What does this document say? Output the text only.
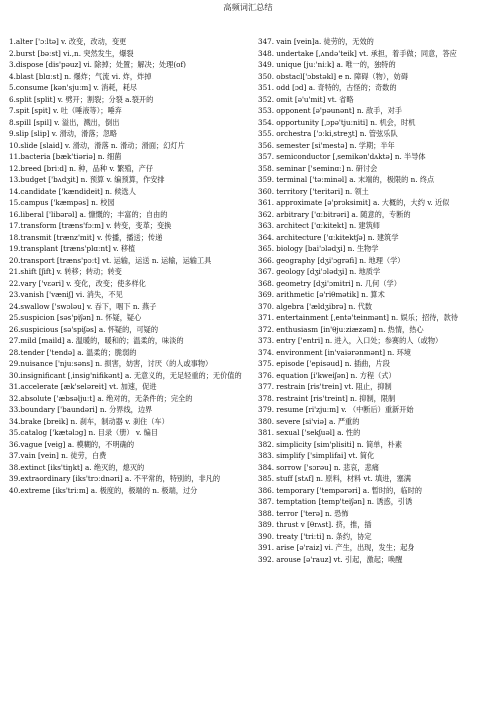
高频词汇总结
1.alter ['ɔːltə] v. 改变，改动，变更
2.burst [bəːst] vi.,n. 突然发生，爆裂
3.dispose [dis'pəuz] vi. 除掉；处置；解决；处理(of)
4.blast [blɑːst] n. 爆炸；气流 vi. 炸，炸掉
5.consume [kən'sjuːm] v. 消耗，耗尽
6.split [split] v. 劈开；割裂；分裂 a.裂开的
7.spit [spit] v. 吐（唾液等）；唾弃
8.spill [spil] v. 溢出，溅出，倒出
9.slip [slip] v. 滑动，滑落；忽略
10.slide [slaid] v. 滑动，滑落 n. 滑动；滑面；幻灯片
11.bacteria [bæk'tiəriə] n. 细菌
12.breed [briːd] n. 种，品种 v. 繁殖，产仔
13.budget ['bʌdʒit] n. 预算 v. 编预算，作安排
14.candidate ['kændideit] n. 候选人
15.campus ['kæmpəs] n. 校园
16.liberal ['libərəl] a. 慷慨的；丰富的；自由的
17.transform [træns'fɔːm] v. 转变，变革；变换
18.transmit [trænz'mit] v. 传播，播送；传递
19.transplant [træns'plɑːnt] v. 移植
20.transport [træns'pɔːt] vt. 运输，运送 n. 运输，运输工具
21.shift [ʃift] v. 转移；转动；转变
22.vary ['vɛəri] v. 变化，改变；使多样化
23.vanish ['væniʃ] vi. 消失，不见
24.swallow ['swɔləu] v. 吞下，咽下 n. 燕子
25.suspicion [səs'piʃən] n. 怀疑，疑心
26.suspicious [sə'spiʃəs] a. 怀疑的，可疑的
27.mild [maild] a. 温暖的，暖和的；温柔的，味淡的
28.tender ['tendə] a. 温柔的；脆弱的
29.nuisance ['njuːsəns] n. 损害，妨害，讨厌（的人或事物）
30.insignificant [ˌinsig'nifikənt] a. 无意义的，无足轻重的；无价值的
31.accelerate [æk'seləreit] vt. 加速，促进
32.absolute ['æbsəljuːt] a. 绝对的，无条件的；完全的
33.boundary ['baundəri] n. 分界线，边界
34.brake [breik] n. 刹车，制动器 v. 刹住（车）
35.catalog ['kætəlɔg] n. 目录（册） v. 编目
36.vague [veig] a. 模糊的，不明确的
37.vain [vein] n. 徒劳，白费
38.extinct [iks'tiŋkt] a. 绝灭的，熄灭的
39.extraordinary [iks'trɔːdnəri] a. 不平常的，特别的，非凡的
40.extreme [iks'triːm] a. 极度的，极端的 n. 极端，过分
347. vain [vein]a. 徒劳的，无效的
348. undertake [ˌʌndə'teik] vt. 承担，着手做；同意，答应
349. unique [juː'niːk] a. 唯一的，独特的
350. obstacl['ɔbstəkl] e n. 障碍（物），妨碍
351. odd [ɔd] a. 奇特的，古怪的；奇数的
352. omit [ə'u'mit] vt. 省略
353. opponent [ə'pəunənt] n. 敌手，对手
354. opportunity [ˌɔpə'tjuːniti] n. 机会，时机
355. orchestra ['ɔːkiˌstreʒt] n. 管弦乐队
356. semester [si'mestə] n. 学期；半年
357. semiconductor [ˌsemikən'dʌktə] n. 半导体
358. seminar ['seminɑː] n. 研讨会
359. terminal ['təːminəl] a. 末端的，极限的 n. 终点
360. territory ['teritəri] n. 领土
361. approximate [ə'prɔksimit] a. 大概的，大约 v. 近似
362. arbitrary ['ɑːbitrəri] a. 随意的，专断的
363. architect ['ɑːkitekt] n. 建筑师
364. architecture ['ɑːkitektʃə] n. 建筑学
365. biology [bai'ɔlədʒi] n. 生物学
366. geography [dʒi'ɔgrəfi] n. 地理（学）
367. geology [dʒi'ɔlədʒi] n. 地质学
368. geometry [dʒi'ɔmitri] n. 几何（学）
369. arithmetic [ə'riθmətik] n. 算术
370. algebra ['ældʒibrə] n. 代数
371. entertainment [ˌentə'teinmənt] n. 娱乐；招待，款待
372. enthusiasm [in'θjuːziæzəm] n. 热情，热心
373. entry ['entri] n. 进入，入口处；参赛的人（或物）
374. environment [in'vaiərənmənt] n. 环境
375. episode ['episəud] n. 插曲，片段
376. equation [i'kweiʃən] n. 方程（式）
377. restrain [ris'trein] vt. 阻止，抑制
378. restraint [ris'treint] n. 抑制，限制
379. resume [ri'zjuːm] v. （中断后）重新开始
380. severe [si'viə] a. 严重的
381. sexual ['sekʃuəl] a. 性的
382. simplicity [sim'plisiti] n. 简单，朴素
383. simplify ['simplifai] vt. 简化
384. sorrow ['sɔrəu] n. 悲哀，悲痛
385. stuff [stʌf] n. 原料，材料 vt. 填进，塞满
386. temporary ['tempərəri] a. 暂时的，临时的
387. temptation [temp'teiʃən] n. 诱惑，引诱
388. terror ['terə] n. 恐怖
389. thrust v [θrʌst]. 挤，推，插
390. treaty ['triːti] n. 条约，协定
391. arise [ə'raiz] vi. 产生，出现，发生；起身
392. arouse [ə'rauz] vt. 引起，激起；唤醒
